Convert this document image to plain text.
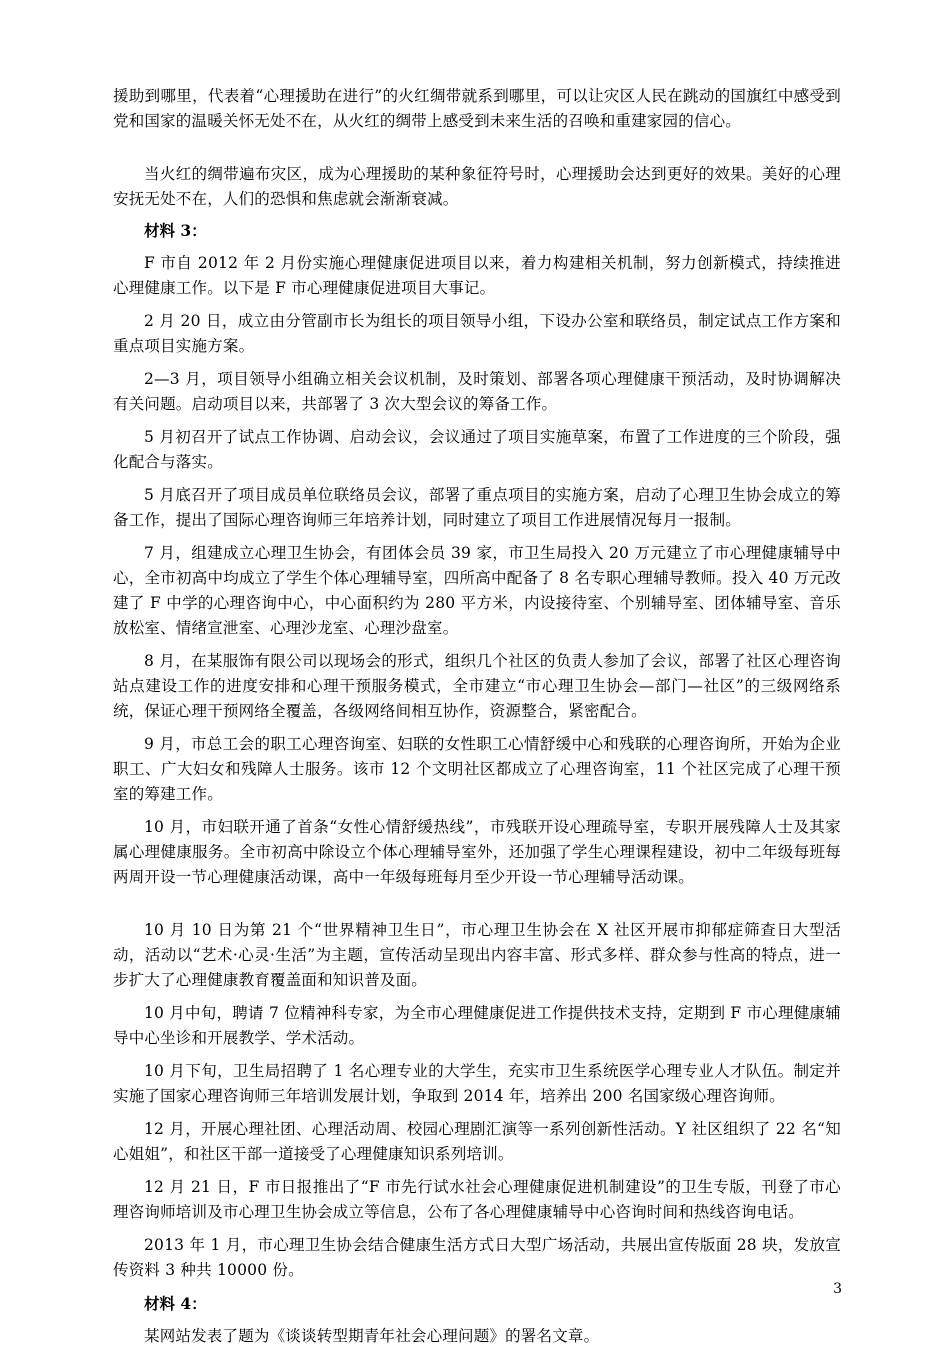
援助到哪里，代表着“心理援助在进行”的火红绸带就系到哪里，可以让灾区人民在跳动的国旗红中感受到党和国家的温暖关怀无处不在，从火红的绸带上感受到未来生活的召唤和重建家园的信心。

当火红的绸带遍布灾区，成为心理援助的某种象征符号时，心理援助会达到更好的效果。美好的心理安抚无处不在，人们的恐惧和焦虑就会渐渐衰减。

材料 3：

F 市自 2012 年 2 月份实施心理健康促进项目以来，着力构建相关机制，努力创新模式，持续推进心理健康工作。以下是 F 市心理健康促进项目大事记。

2 月 20 日，成立由分管副市长为组长的项目领导小组，下设办公室和联络员，制定试点工作方案和重点项目实施方案。

2—3 月，项目领导小组确立相关会议机制，及时策划、部署各项心理健康干预活动，及时协调解决有关问题。启动项目以来，共部署了 3 次大型会议的筹备工作。

5 月初召开了试点工作协调、启动会议，会议通过了项目实施草案，布置了工作进度的三个阶段，强化配合与落实。

5 月底召开了项目成员单位联络员会议，部署了重点项目的实施方案，启动了心理卫生协会成立的筹备工作，提出了国际心理咨询师三年培养计划，同时建立了项目工作进展情况每月一报制。

7 月，组建成立心理卫生协会，有团体会员 39 家，市卫生局投入 20 万元建立了市心理健康辅导中心，全市初高中均成立了学生个体心理辅导室，四所高中配备了 8 名专职心理辅导教师。投入 40 万元改建了 F 中学的心理咨询中心，中心面积约为 280 平方米，内设接待室、个别辅导室、团体辅导室、音乐放松室、情绪宣泄室、心理沙龙室、心理沙盘室。

8 月，在某服饰有限公司以现场会的形式，组织几个社区的负责人参加了会议，部署了社区心理咨询站点建设工作的进度安排和心理干预服务模式，全市建立“市心理卫生协会—部门—社区”的三级网络系统，保证心理干预网络全覆盖，各级网络间相互协作，资源整合，紧密配合。

9 月，市总工会的职工心理咨询室、妇联的女性职工心情舒缓中心和残联的心理咨询所，开始为企业职工、广大妇女和残障人士服务。该市 12 个文明社区都成立了心理咨询室，11 个社区完成了心理干预室的筹建工作。

10 月，市妇联开通了首条“女性心情舒缓热线”，市残联开设心理疏导室，专职开展残障人士及其家属心理健康服务。全市初高中除设立个体心理辅导室外，还加强了学生心理课程建设，初中二年级每班每两周开设一节心理健康活动课，高中一年级每班每月至少开设一节心理辅导活动课。

10 月 10 日为第 21 个“世界精神卫生日”，市心理卫生协会在 X 社区开展市抑郁症筛查日大型活动，活动以“艺术·心灵·生活”为主题，宣传活动呈现出内容丰富、形式多样、群众参与性高的特点，进一步扩大了心理健康教育覆盖面和知识普及面。

10 月中旬，聘请 7 位精神科专家，为全市心理健康促进工作提供技术支持，定期到 F 市心理健康辅导中心坐诊和开展教学、学术活动。

10 月下旬，卫生局招聘了 1 名心理专业的大学生，充实市卫生系统医学心理专业人才队伍。制定并实施了国家心理咨询师三年培训发展计划，争取到 2014 年，培养出 200 名国家级心理咨询师。

12 月，开展心理社团、心理活动周、校园心理剧汇演等一系列创新性活动。Y 社区组织了 22 名“知心姐姐”，和社区干部一道接受了心理健康知识系列培训。

12 月 21 日，F 市日报推出了“F 市先行试水社会心理健康促进机制建设”的卫生专版，刊登了市心理咨询师培训及市心理卫生协会成立等信息，公布了各心理健康辅导中心咨询时间和热线咨询电话。

2013 年 1 月，市心理卫生协会结合健康生活方式日大型广场活动，共展出宣传版面 28 块，发放宣传资料 3 种共 10000 份。

材料 4：

某网站发表了题为《谈谈转型期青年社会心理问题》的署名文章。

3
